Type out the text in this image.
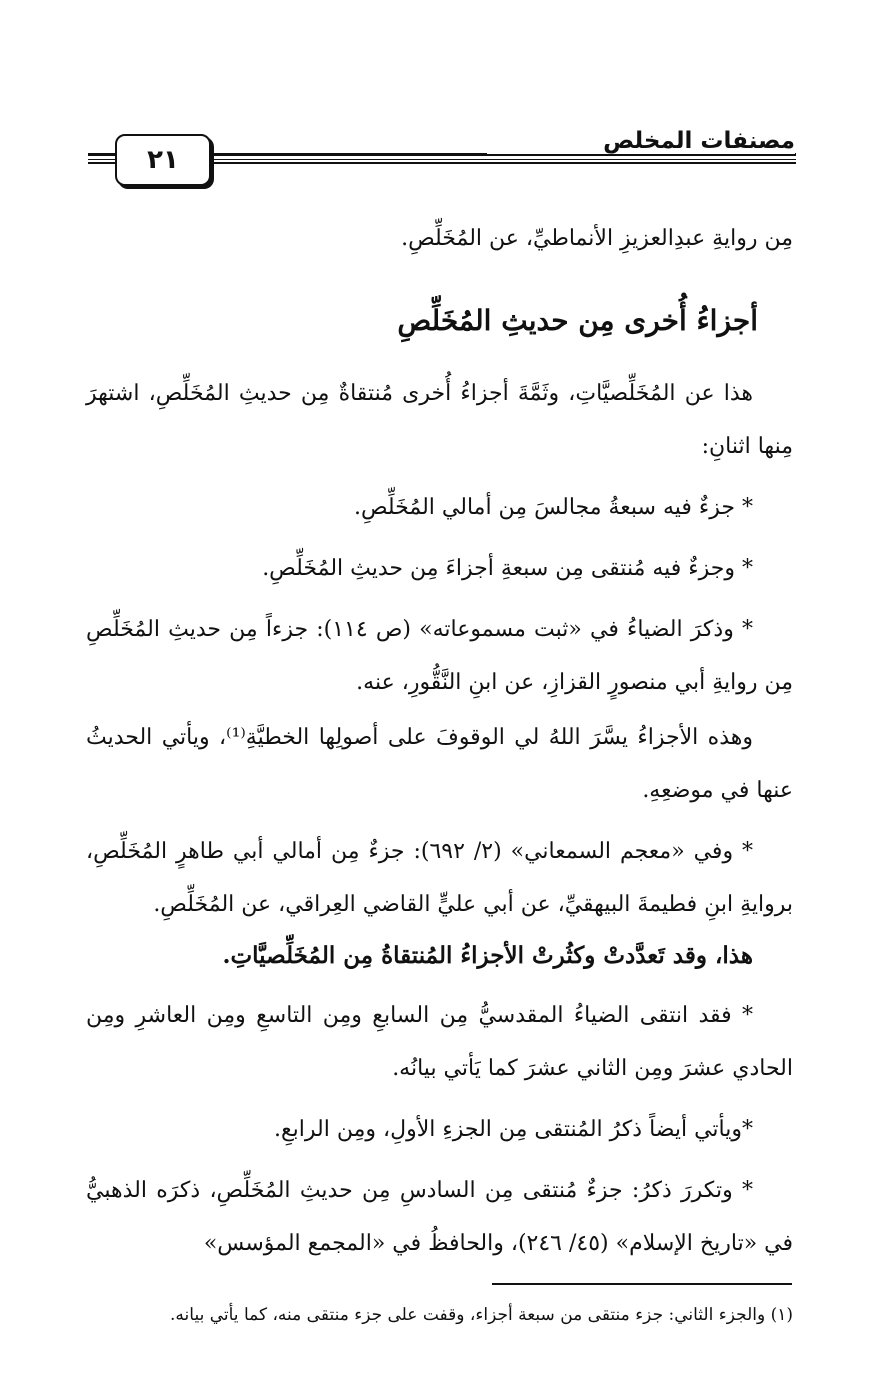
مصنفات المخلص
٢١

مِن روايةِ عبدِالعزيزِ الأنماطيِّ، عن المُخَلِّصِ.

أجزاءُ أُخرى مِن حديثِ المُخَلِّصِ

هذا عن المُخَلِّصيَّاتِ، وثَمَّةَ أجزاءُ أُخرى مُنتقاةٌ مِن حديثِ المُخَلِّصِ، اشتهرَ مِنها اثنانِ:

* جزءٌ فيه سبعةُ مجالسَ مِن أمالي المُخَلِّصِ.

* وجزءٌ فيه مُنتقى مِن سبعةِ أجزاءَ مِن حديثِ المُخَلِّصِ.

* وذكرَ الضياءُ في «ثبت مسموعاته» (ص ١١٤): جزءاً مِن حديثِ المُخَلِّصِ مِن روايةِ أبي منصورٍ القزازِ، عن ابنِ النَّقُّورِ، عنه.

وهذه الأجزاءُ يسَّرَ اللهُ لي الوقوفَ على أصولِها الخطيَّةِ⁽¹⁾، ويأتي الحديثُ عنها في موضعِهِ.

* وفي «معجم السمعاني» (٢/ ٦٩٢): جزءٌ مِن أمالي أبي طاهرٍ المُخَلِّصِ، بروايةِ ابنِ فطيمةَ البيهقيِّ، عن أبي عليٍّ القاضي العِراقي، عن المُخَلِّصِ.

هذا، وقد تَعدَّدتْ وكثُرتْ الأجزاءُ المُنتقاةُ مِن المُخَلِّصيَّاتِ.

* فقد انتقى الضياءُ المقدسيُّ مِن السابعِ ومِن التاسعِ ومِن العاشرِ ومِن الحادي عشرَ ومِن الثاني عشرَ كما يَأتي بيانُه.

*ويأتي أيضاً ذكرُ المُنتقى مِن الجزءِ الأولِ، ومِن الرابعِ.

* وتكررَ ذكرُ: جزءٌ مُنتقى مِن السادسِ مِن حديثِ المُخَلِّصِ، ذكرَه الذهبيُّ في «تاريخ الإسلام» (٤٥/ ٢٤٦)، والحافظُ في «المجمع المؤسس»

(١) والجزء الثاني: جزء منتقى من سبعة أجزاء، وقفت على جزء منتقى منه، كما يأتي بيانه.
